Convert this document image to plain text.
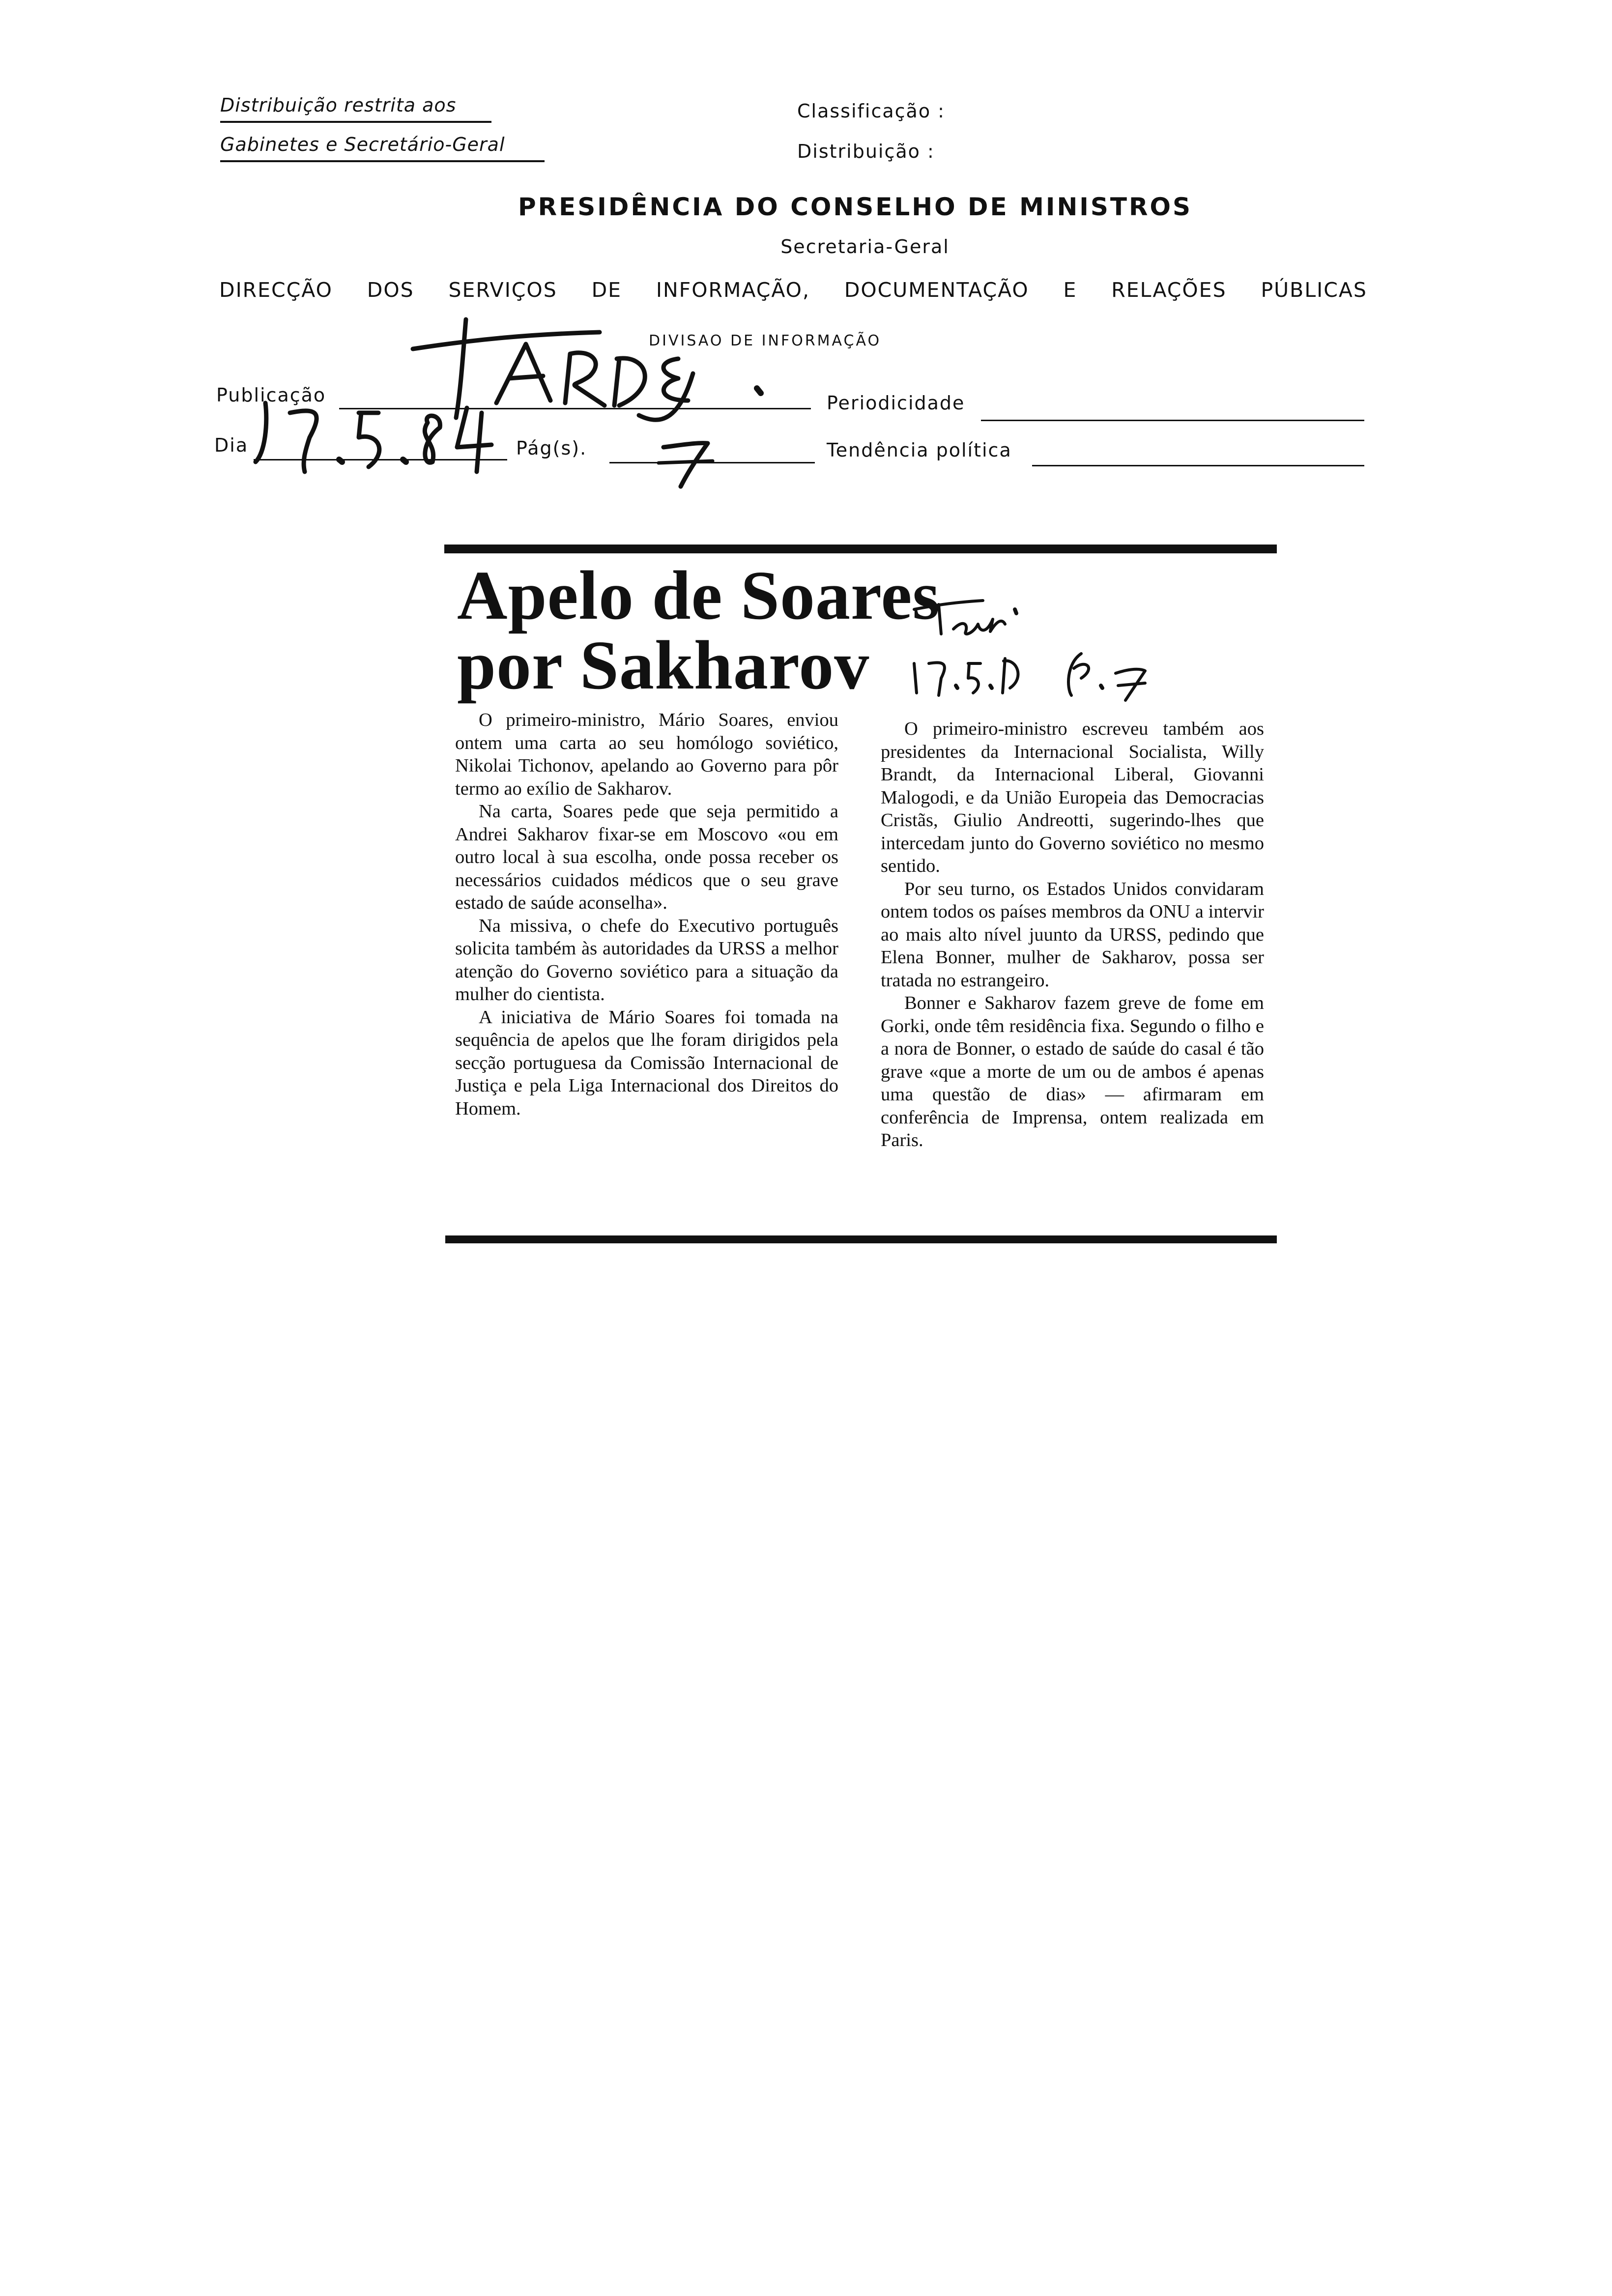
Distribuição restrita aos
Gabinetes e Secretário-Geral
Classificação :
Distribuição :
PRESIDÊNCIA DO CONSELHO DE MINISTROS
Secretaria-Geral
DIRECÇÃO DOS SERVIÇOS DE INFORMAÇÃO, DOCUMENTAÇÃO E RELAÇÕES PÚBLICAS
DIVISAO DE INFORMAÇÃO
Publicação	Periodicidade
Dia	Pág(s).	Tendência política
Apelo de Soares
por Sakharov

O primeiro-ministro, Mário Soares, enviou ontem uma carta ao seu homólogo soviético, Nikolai Tichonov, apelando ao Governo para pôr termo ao exílio de Sakharov.

Na carta, Soares pede que seja permitido a Andrei Sakharov fixar-se em Moscovo «ou em outro local à sua escolha, onde possa receber os necessários cuidados médicos que o seu grave estado de saúde aconselha».

Na missiva, o chefe do Executivo português solicita também às autoridades da URSS a melhor atenção do Governo soviético para a situação da mulher do cientista.

A iniciativa de Mário Soares foi tomada na sequência de apelos que lhe foram dirigidos pela secção portuguesa da Comissão Internacional de Justiça e pela Liga Internacional dos Direitos do Homem.

O primeiro-ministro escreveu também aos presidentes da Internacional Socialista, Willy Brandt, da Internacional Liberal, Giovanni Malogodi, e da União Europeia das Democracias Cristãs, Giulio Andreotti, sugerindo-lhes que intercedam junto do Governo soviético no mesmo sentido.

Por seu turno, os Estados Unidos convidaram ontem todos os países membros da ONU a intervir ao mais alto nível juunto da URSS, pedindo que Elena Bonner, mulher de Sakharov, possa ser tratada no estrangeiro.

Bonner e Sakharov fazem greve de fome em Gorki, onde têm residência fixa. Segundo o filho e a nora de Bonner, o estado de saúde do casal é tão grave «que a morte de um ou de ambos é apenas uma questão de dias» — afirmaram em conferência de Imprensa, ontem realizada em Paris.
